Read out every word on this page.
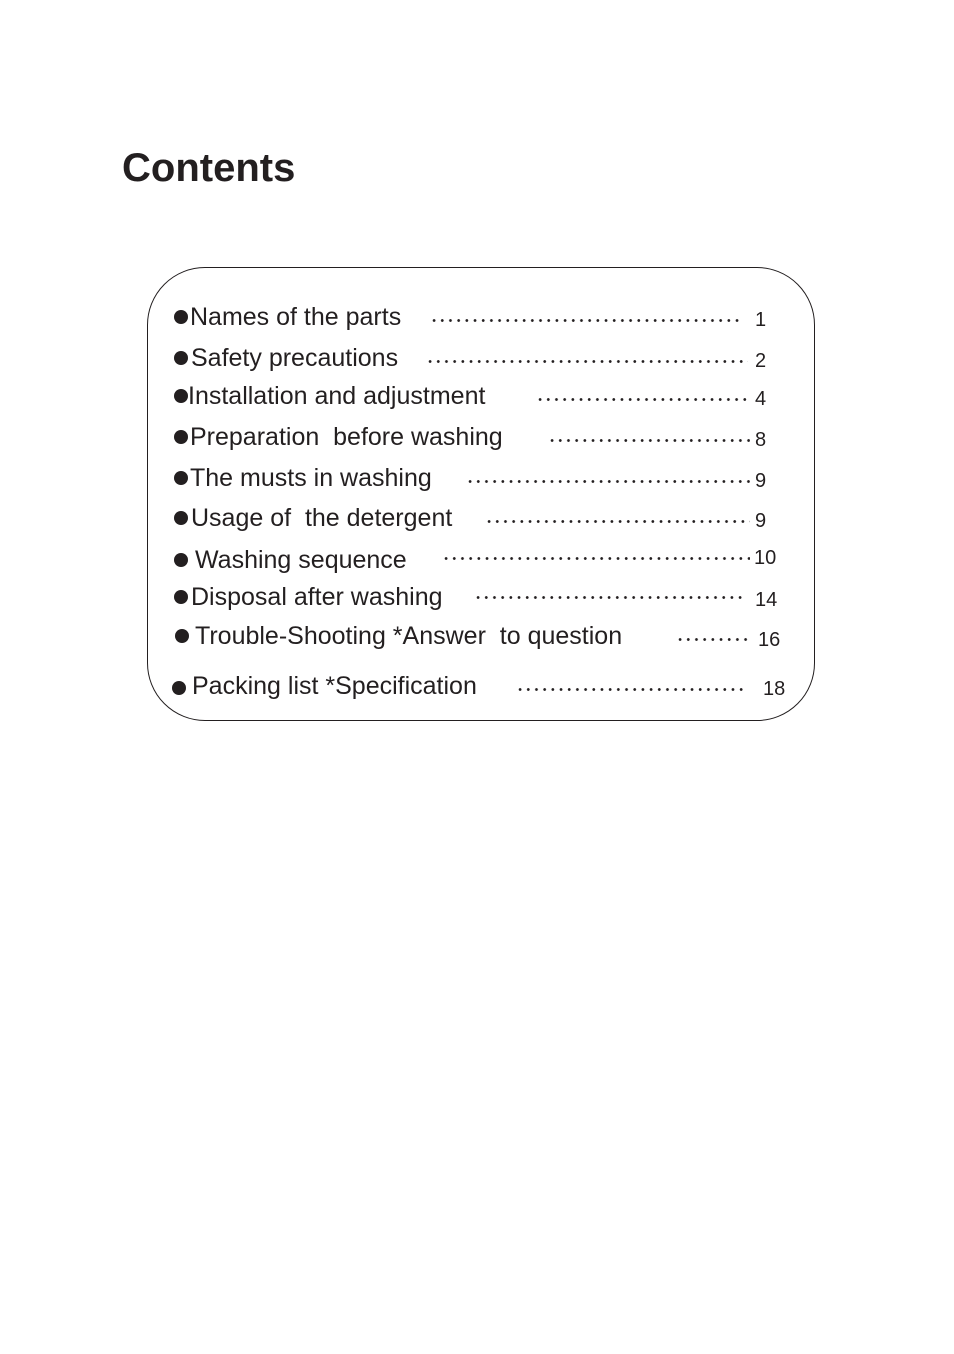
Contents
Names of the parts	1
Safety precautions	2
Installation and adjustment	4
Preparation  before washing	8
The musts in washing	9
Usage of  the detergent	9
Washing sequence	10
Disposal after washing	14
Trouble-Shooting *Answer  to question	16
Packing list *Specification	18
